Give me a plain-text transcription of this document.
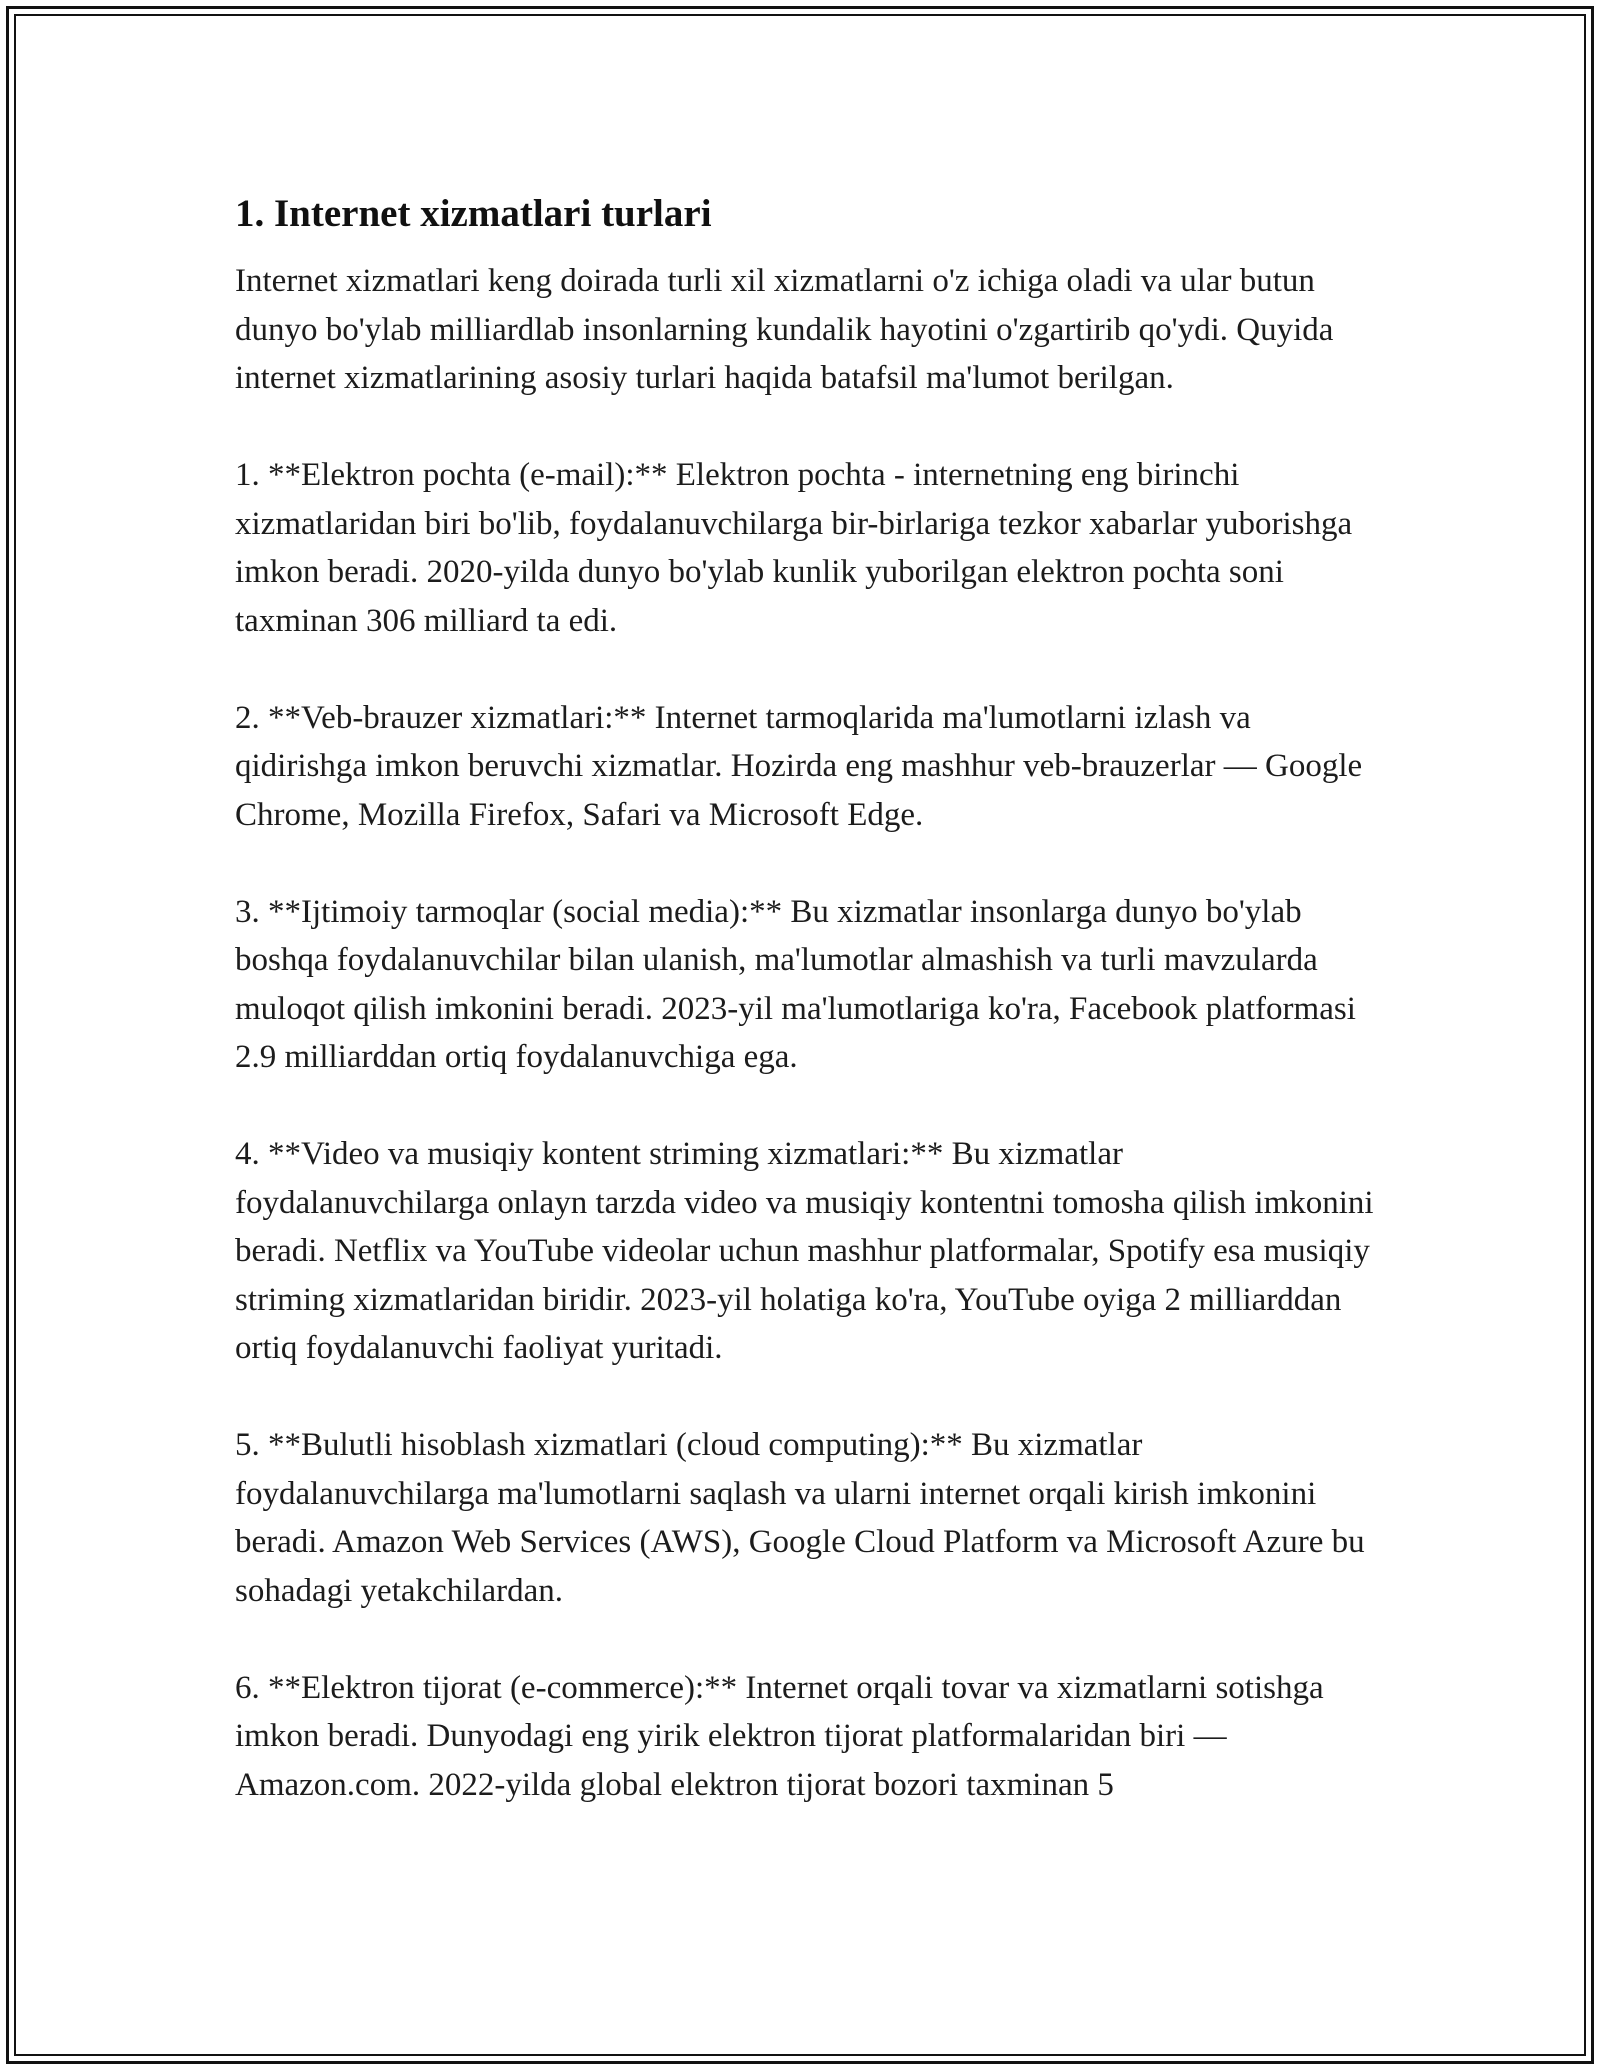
1. Internet xizmatlari turlari

Internet xizmatlari keng doirada turli xil xizmatlarni o'z ichiga oladi va ular butun dunyo bo'ylab milliardlab insonlarning kundalik hayotini o'zgartirib qo'ydi. Quyida internet xizmatlarining asosiy turlari haqida batafsil ma'lumot berilgan.

1. **Elektron pochta (e-mail):** Elektron pochta - internetning eng birinchi xizmatlaridan biri bo'lib, foydalanuvchilarga bir-birlariga tezkor xabarlar yuborishga imkon beradi. 2020-yilda dunyo bo'ylab kunlik yuborilgan elektron pochta soni taxminan 306 milliard ta edi.

2. **Veb-brauzer xizmatlari:** Internet tarmoqlarida ma'lumotlarni izlash va qidirishga imkon beruvchi xizmatlar. Hozirda eng mashhur veb-brauzerlar — Google Chrome, Mozilla Firefox, Safari va Microsoft Edge.

3. **Ijtimoiy tarmoqlar (social media):** Bu xizmatlar insonlarga dunyo bo'ylab boshqa foydalanuvchilar bilan ulanish, ma'lumotlar almashish va turli mavzularda muloqot qilish imkonini beradi. 2023-yil ma'lumotlariga ko'ra, Facebook platformasi 2.9 milliarddan ortiq foydalanuvchiga ega.

4. **Video va musiqiy kontent striming xizmatlari:** Bu xizmatlar foydalanuvchilarga onlayn tarzda video va musiqiy kontentni tomosha qilish imkonini beradi. Netflix va YouTube videolar uchun mashhur platformalar, Spotify esa musiqiy striming xizmatlaridan biridir. 2023-yil holatiga ko'ra, YouTube oyiga 2 milliarddan ortiq foydalanuvchi faoliyat yuritadi.

5. **Bulutli hisoblash xizmatlari (cloud computing):** Bu xizmatlar foydalanuvchilarga ma'lumotlarni saqlash va ularni internet orqali kirish imkonini beradi. Amazon Web Services (AWS), Google Cloud Platform va Microsoft Azure bu sohadagi yetakchilardan.

6. **Elektron tijorat (e-commerce):** Internet orqali tovar va xizmatlarni sotishga imkon beradi. Dunyodagi eng yirik elektron tijorat platformalaridan biri — Amazon.com. 2022-yilda global elektron tijorat bozori taxminan 5
